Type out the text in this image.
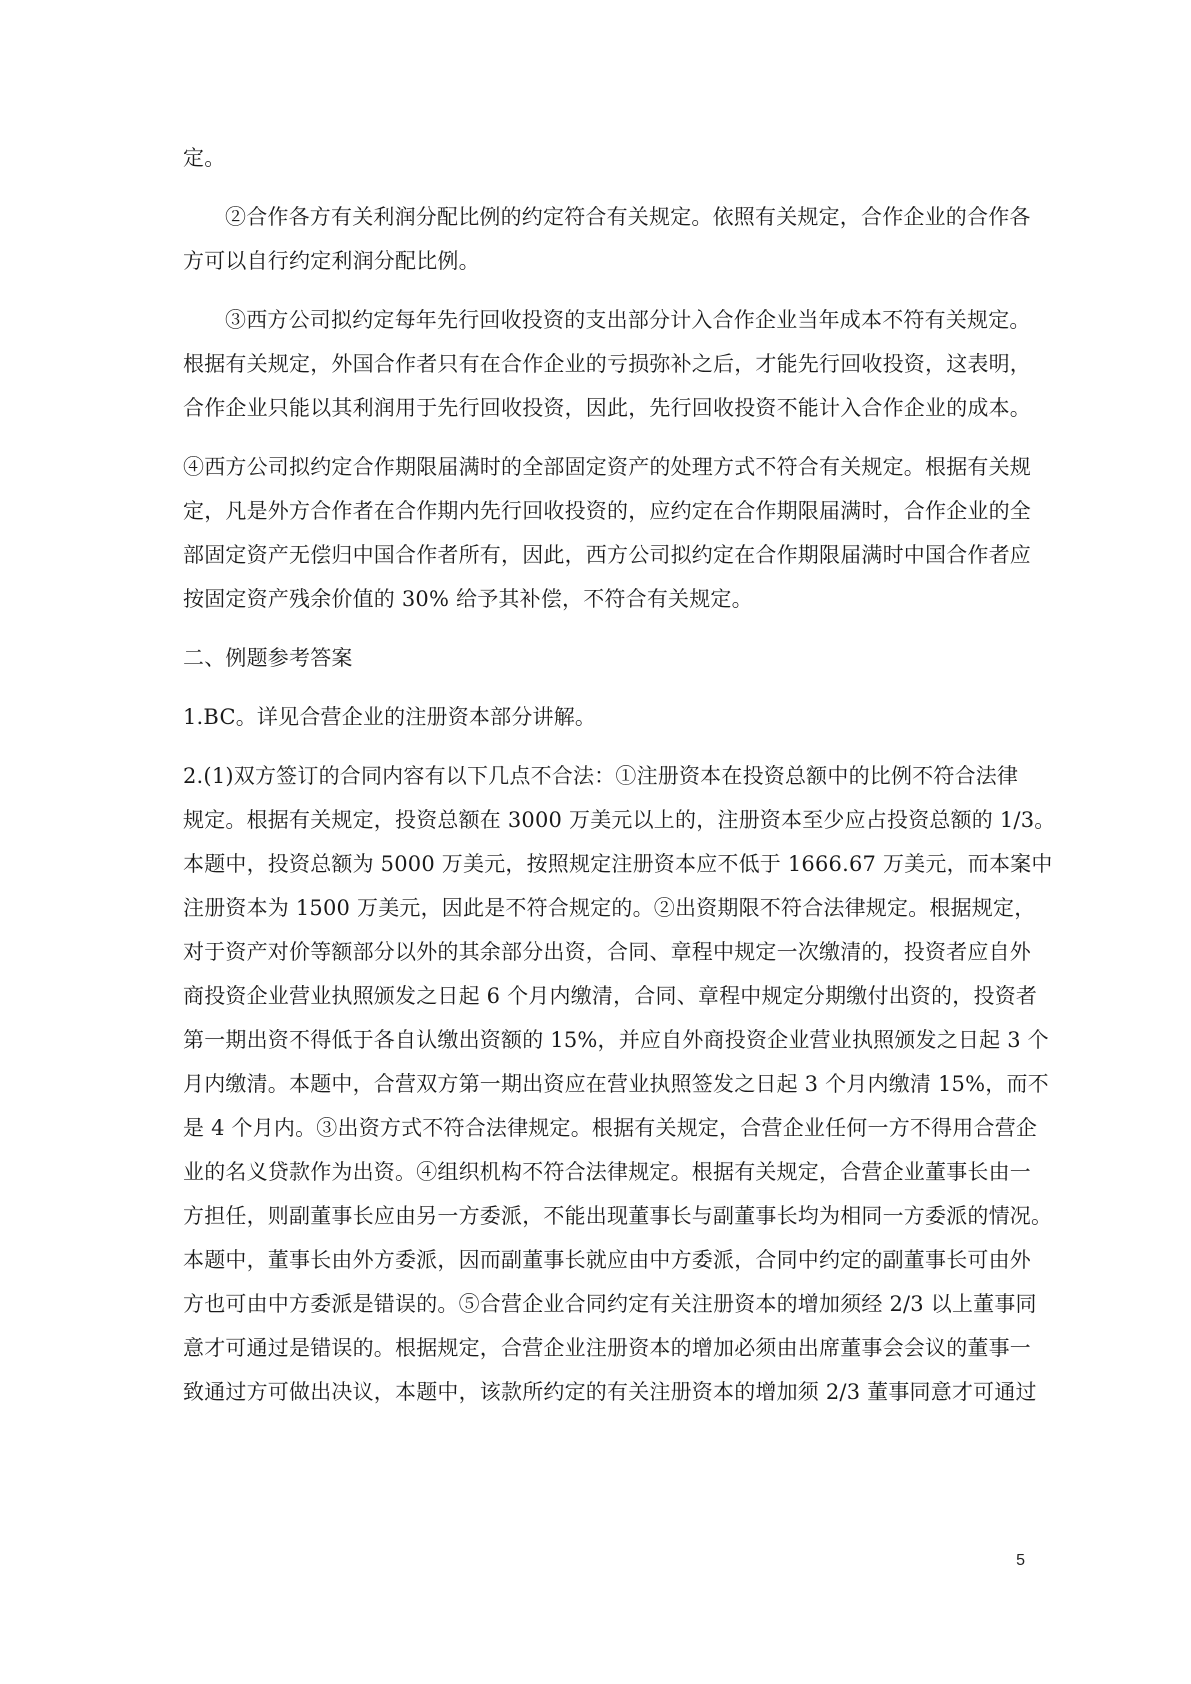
定。
②合作各方有关利润分配比例的约定符合有关规定。依照有关规定，合作企业的合作各
方可以自行约定利润分配比例。
③西方公司拟约定每年先行回收投资的支出部分计入合作企业当年成本不符有关规定。
根据有关规定，外国合作者只有在合作企业的亏损弥补之后，才能先行回收投资，这表明，
合作企业只能以其利润用于先行回收投资，因此，先行回收投资不能计入合作企业的成本。
④西方公司拟约定合作期限届满时的全部固定资产的处理方式不符合有关规定。根据有关规
定，凡是外方合作者在合作期内先行回收投资的，应约定在合作期限届满时，合作企业的全
部固定资产无偿归中国合作者所有，因此，西方公司拟约定在合作期限届满时中国合作者应
按固定资产残余价值的 30% 给予其补偿，不符合有关规定。
二、例题参考答案
1.BC。详见合营企业的注册资本部分讲解。
2.(1)双方签订的合同内容有以下几点不合法：①注册资本在投资总额中的比例不符合法律
规定。根据有关规定，投资总额在 3000 万美元以上的，注册资本至少应占投资总额的 1/3。
本题中，投资总额为 5000 万美元，按照规定注册资本应不低于 1666.67 万美元，而本案中
注册资本为 1500 万美元，因此是不符合规定的。②出资期限不符合法律规定。根据规定，
对于资产对价等额部分以外的其余部分出资，合同、章程中规定一次缴清的，投资者应自外
商投资企业营业执照颁发之日起 6 个月内缴清，合同、章程中规定分期缴付出资的，投资者
第一期出资不得低于各自认缴出资额的 15%，并应自外商投资企业营业执照颁发之日起 3 个
月内缴清。本题中，合营双方第一期出资应在营业执照签发之日起 3 个月内缴清 15%，而不
是 4 个月内。③出资方式不符合法律规定。根据有关规定，合营企业任何一方不得用合营企
业的名义贷款作为出资。④组织机构不符合法律规定。根据有关规定，合营企业董事长由一
方担任，则副董事长应由另一方委派，不能出现董事长与副董事长均为相同一方委派的情况。
本题中，董事长由外方委派，因而副董事长就应由中方委派，合同中约定的副董事长可由外
方也可由中方委派是错误的。⑤合营企业合同约定有关注册资本的增加须经 2/3 以上董事同
意才可通过是错误的。根据规定，合营企业注册资本的增加必须由出席董事会会议的董事一
致通过方可做出决议，本题中，该款所约定的有关注册资本的增加须 2/3 董事同意才可通过
5
